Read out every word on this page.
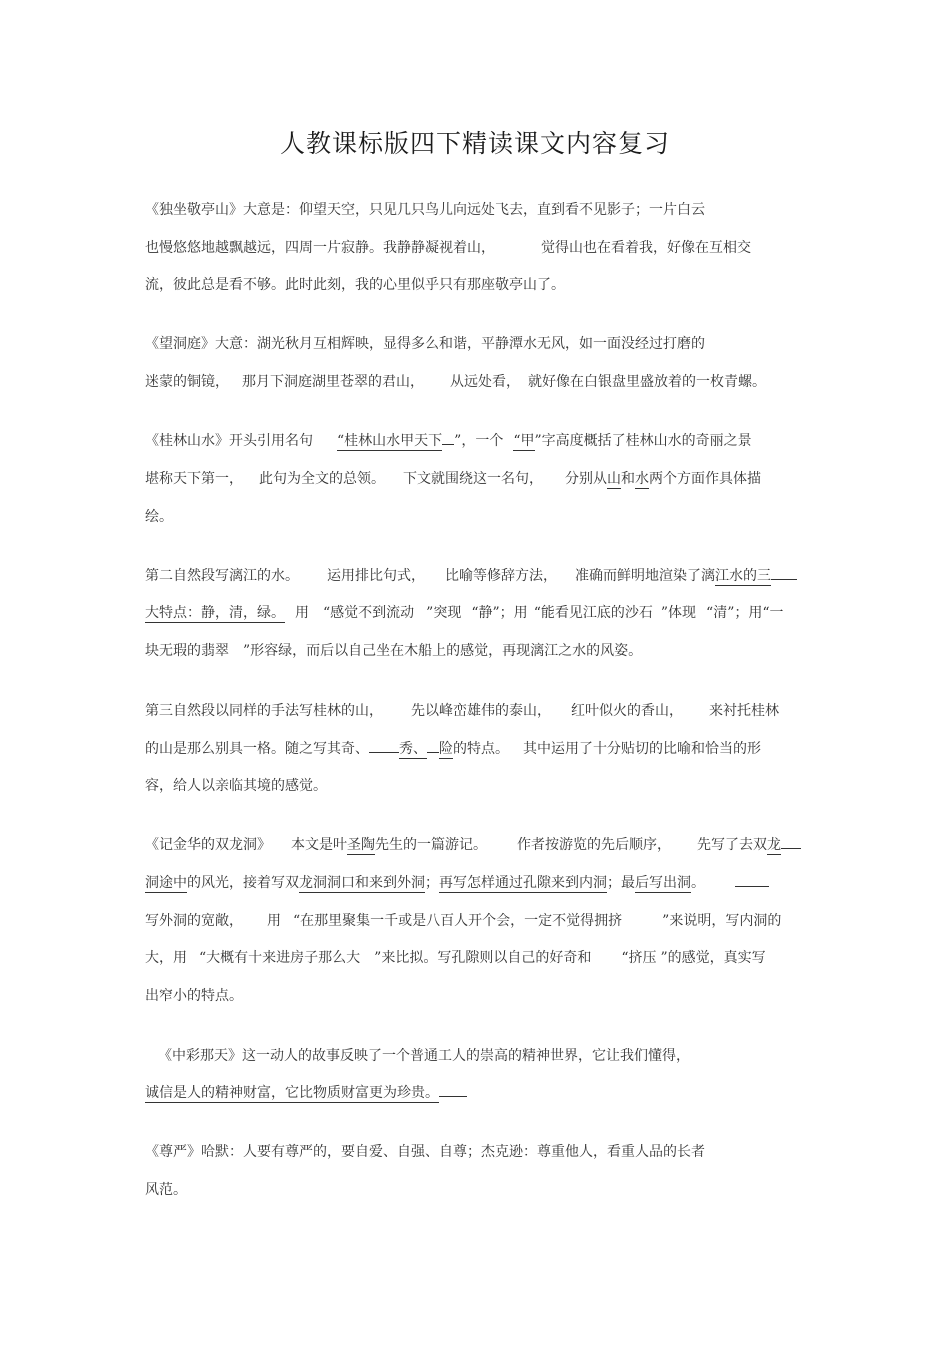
人教课标版四下精读课文内容复习
《独坐敬亭山》大意是：仰望天空，只见几只鸟儿向远处飞去，直到看不见影子；一片白云
也慢悠悠地越飘越远，四周一片寂静。我静静凝视着山，	觉得山也在看着我，好像在互相交
流，彼此总是看不够。此时此刻，我的心里似乎只有那座敬亭山了。
《望洞庭》大意：湖光秋月互相辉映，显得多么和谐，平静潭水无风，如一面没经过打磨的
迷蒙的铜镜， 那月下洞庭湖里苍翠的君山， 从远处看， 就好像在白银盘里盛放着的一枚青螺。
《桂林山水》开头引用名句 “桂林山水甲天下 ”，一个 “甲”字高度概括了桂林山水的奇丽之景
堪称天下第一， 此句为全文的总领。 下文就围绕这一名句， 分别从山和水两个方面作具体描
绘。
第二自然段写漓江的水。 运用排比句式， 比喻等修辞方法， 准确而鲜明地渲染了漓江水的三
大特点：静，清，绿。 用 “感觉不到流动 ”突现 “静”；用 “能看见江底的沙石 ”体现 “清”；用“一
块无瑕的翡翠 ”形容绿，而后以自己坐在木船上的感觉，再现漓江之水的风姿。
第三自然段以同样的手法写桂林的山， 先以峰峦雄伟的泰山， 红叶似火的香山， 来衬托桂林
的山是那么别具一格。随之写其奇、 秀、 险的特点。 其中运用了十分贴切的比喻和恰当的形
容，给人以亲临其境的感觉。
《记金华的双龙洞》 本文是叶圣陶先生的一篇游记。 作者按游览的先后顺序， 先写了去双龙
洞途中的风光，接着写双龙洞洞口和来到外洞；再写怎样通过孔隙来到内洞；最后写出洞。
写外洞的宽敞， 用 “在那里聚集一千或是八百人开个会，一定不觉得拥挤	”来说明，写内洞的
大，用 “大概有十来进房子那么大 ”来比拟。写孔隙则以自己的好奇和 “挤压 ”的感觉，真实写
出窄小的特点。
《中彩那天》这一动人的故事反映了一个普通工人的崇高的精神世界，它让我们懂得，
诚信是人的精神财富，它比物质财富更为珍贵。
《尊严》哈默：人要有尊严的，要自爱、自强、自尊；杰克逊：尊重他人，看重人品的长者
风范。
